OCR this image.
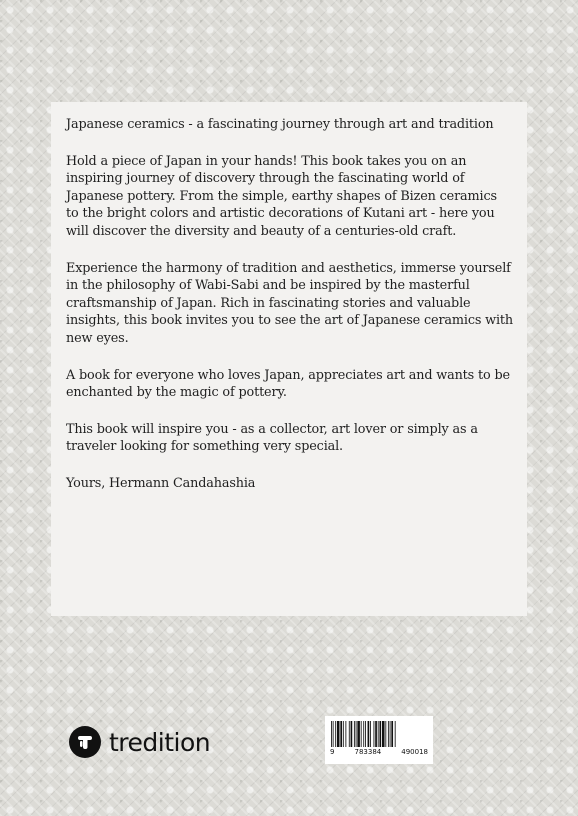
Japanese ceramics - a fascinating journey through art and tradition

Hold a piece of Japan in your hands! This book takes you on an inspiring journey of discovery through the fascinating world of Japanese pottery. From the simple, earthy shapes of Bizen ceramics to the bright colors and artistic decorations of Kutani art - here you will discover the diversity and beauty of a centuries-old craft.

Experience the harmony of tradition and aesthetics, immerse yourself in the philosophy of Wabi-Sabi and be inspired by the masterful craftsmanship of Japan. Rich in fascinating stories and valuable insights, this book invites you to see the art of Japanese ceramics with new eyes.

A book for everyone who loves Japan, appreciates art and wants to be enchanted by the magic of pottery.

This book will inspire you - as a collector, art lover or simply as a traveler looking for something very special.

Yours, Hermann Candahashia

tredition	9	783384	490018
